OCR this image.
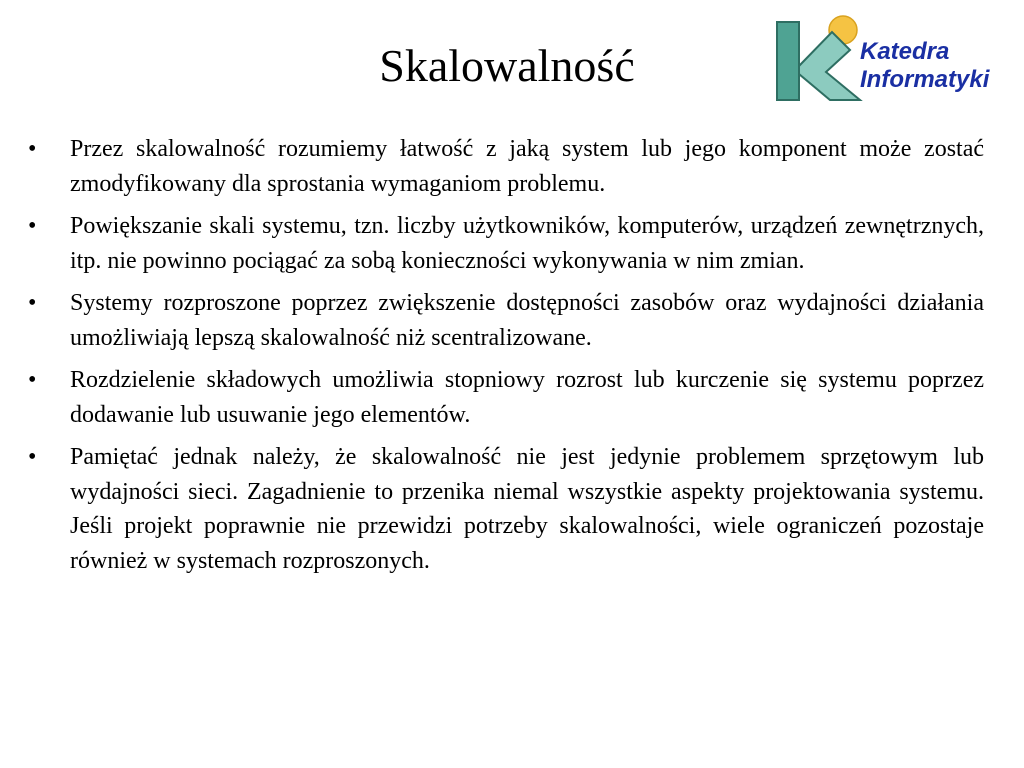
Skalowalność	Katedra
Informatyki
•	Przez skalowalność rozumiemy łatwość z jaką system lub jego komponent może zostać zmodyfikowany dla sprostania wymaganiom problemu.
•	Powiększanie skali systemu, tzn. liczby użytkowników, komputerów, urządzeń zewnętrznych, itp. nie powinno pociągać za sobą konieczności wykonywania w nim zmian.
•	Systemy rozproszone poprzez zwiększenie dostępności zasobów oraz wydajności działania umożliwiają lepszą skalowalność niż scentralizowane.
•	Rozdzielenie składowych umożliwia stopniowy rozrost lub kurczenie się systemu poprzez dodawanie lub usuwanie jego elementów.
•	Pamiętać jednak należy, że skalowalność nie jest jedynie problemem sprzętowym lub wydajności sieci. Zagadnienie to przenika niemal wszystkie aspekty projektowania systemu. Jeśli projekt poprawnie nie przewidzi potrzeby skalowalności, wiele ograniczeń pozostaje również w systemach rozproszonych.
